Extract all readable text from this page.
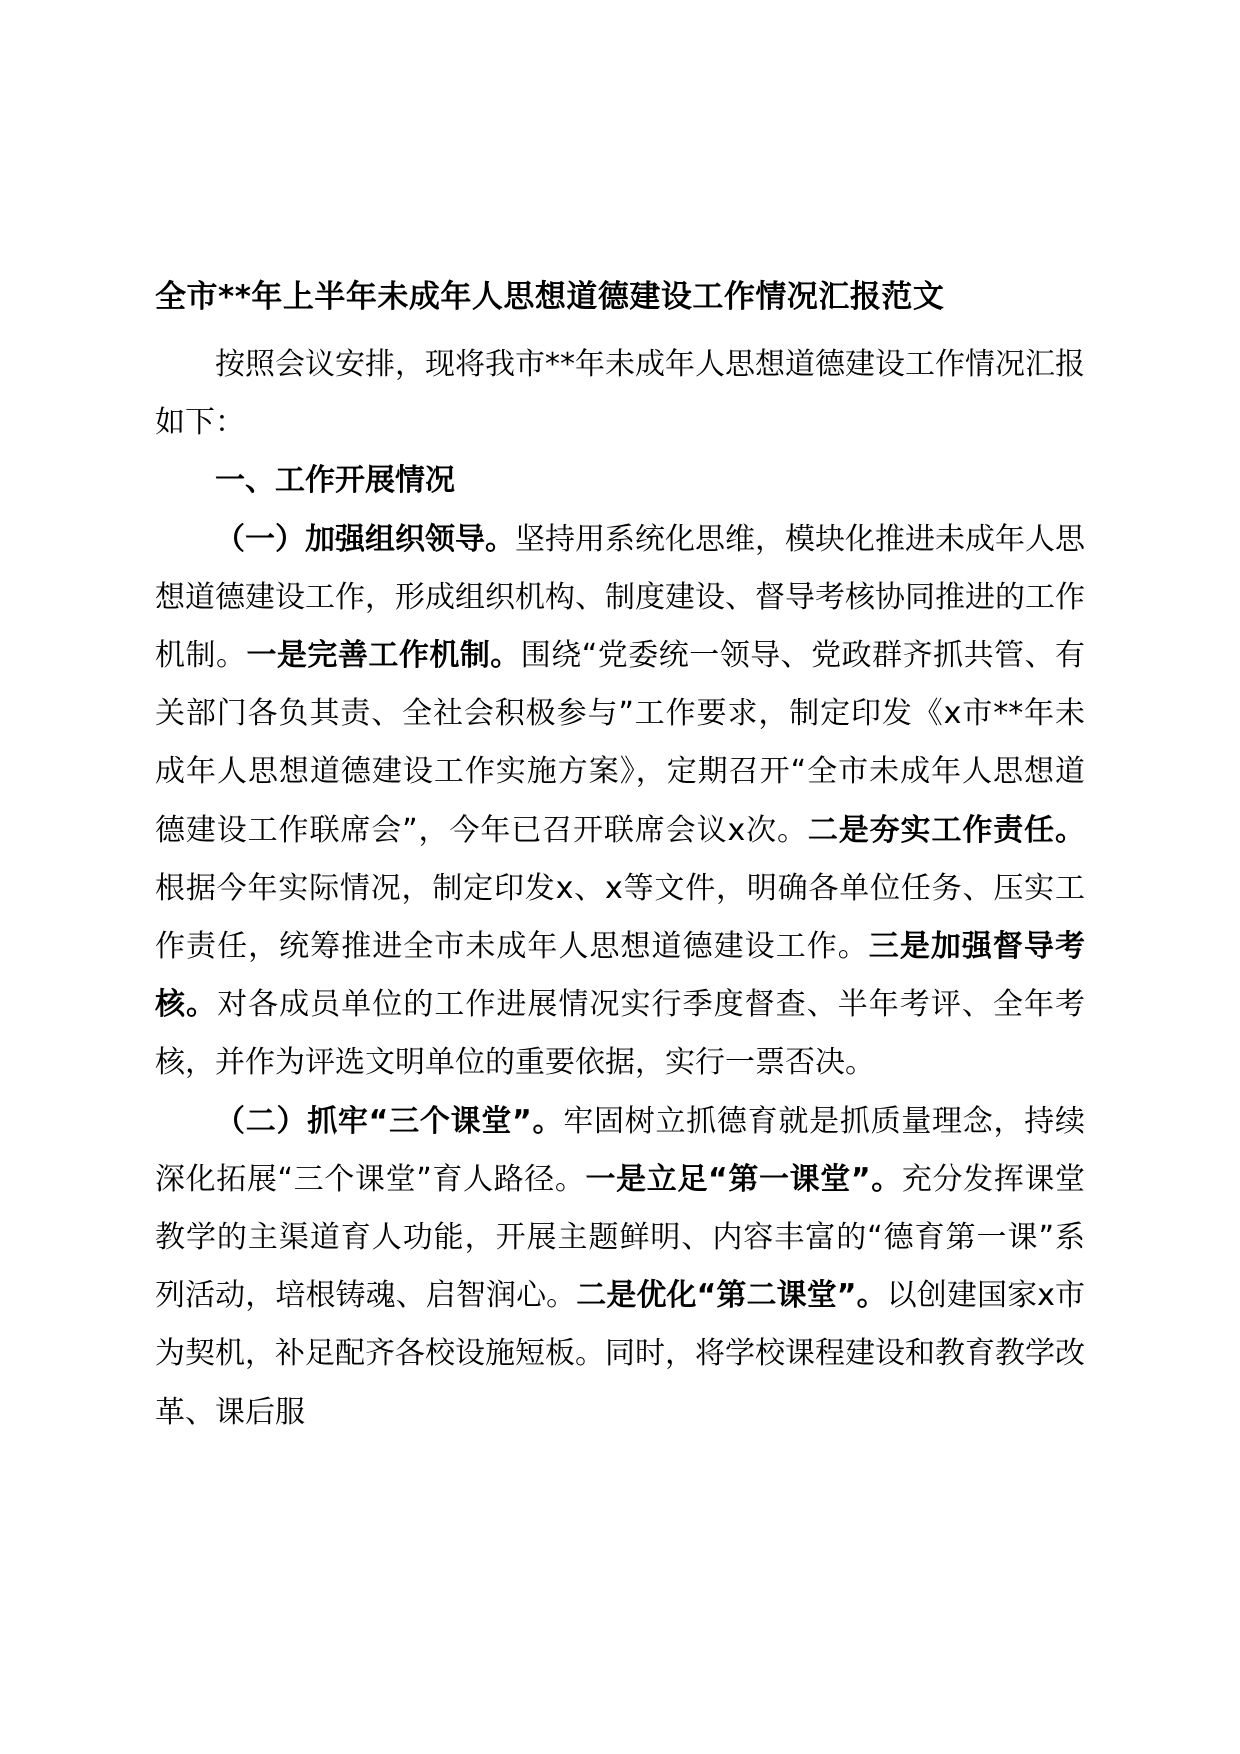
全市**年上半年未成年人思想道德建设工作情况汇报范文

按照会议安排，现将我市**年未成年人思想道德建设工作情况汇报如下：

一、工作开展情况

（一）加强组织领导。坚持用系统化思维，模块化推进未成年人思想道德建设工作，形成组织机构、制度建设、督导考核协同推进的工作机制。一是完善工作机制。围绕“党委统一领导、党政群齐抓共管、有关部门各负其责、全社会积极参与”工作要求，制定印发《x市**年未成年人思想道德建设工作实施方案》，定期召开“全市未成年人思想道德建设工作联席会”，今年已召开联席会议x次。二是夯实工作责任。根据今年实际情况，制定印发x、x等文件，明确各单位任务、压实工作责任，统筹推进全市未成年人思想道德建设工作。三是加强督导考核。对各成员单位的工作进展情况实行季度督查、半年考评、全年考核，并作为评选文明单位的重要依据，实行一票否决。

（二）抓牢“三个课堂”。牢固树立抓德育就是抓质量理念，持续深化拓展“三个课堂”育人路径。一是立足“第一课堂”。充分发挥课堂教学的主渠道育人功能，开展主题鲜明、内容丰富的“德育第一课”系列活动，培根铸魂、启智润心。二是优化“第二课堂”。以创建国家x市为契机，补足配齐各校设施短板。同时，将学校课程建设和教育教学改革、课后服
